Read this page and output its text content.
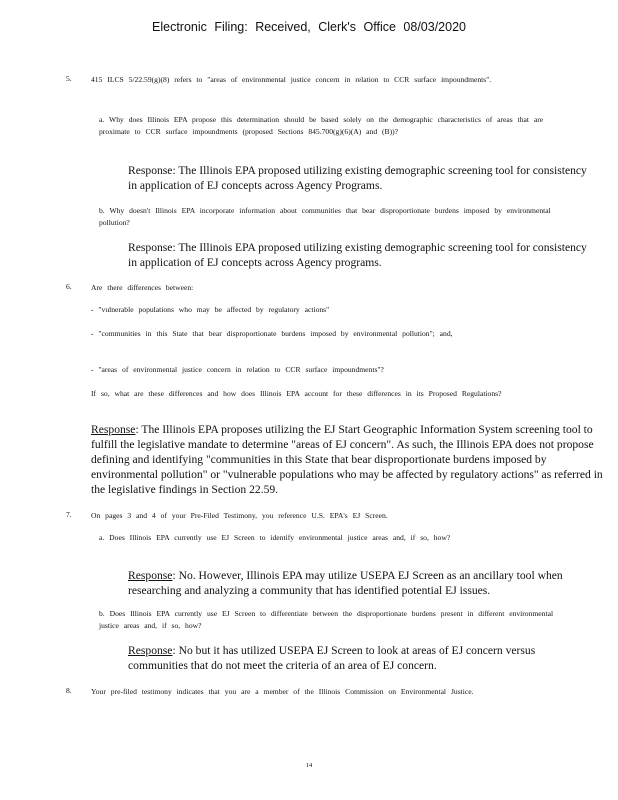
Electronic Filing: Received, Clerk's Office 08/03/2020
5.	415 ILCS 5/22.59(g)(8) refers to "areas of environmental justice concern in relation to CCR surface impoundments".
a. Why does Illinois EPA propose this determination should be based solely on the demographic characteristics of areas that are proximate to CCR surface impoundments (proposed Sections 845.700(g)(6)(A) and (B))?
Response: The Illinois EPA proposed utilizing existing demographic screening tool for consistency in application of EJ concepts across Agency Programs.
b. Why doesn't Illinois EPA incorporate information about communities that bear disproportionate burdens imposed by environmental pollution?
Response: The Illinois EPA proposed utilizing existing demographic screening tool for consistency in application of EJ concepts across Agency programs.
6.	Are there differences between:
- "vulnerable populations who may be affected by regulatory actions"
- "communities in this State that bear disproportionate burdens imposed by environmental pollution"; and,
- "areas of environmental justice concern in relation to CCR surface impoundments"?
If so, what are these differences and how does Illinois EPA account for these differences in its Proposed Regulations?
Response: The Illinois EPA proposes utilizing the EJ Start Geographic Information System screening tool to fulfill the legislative mandate to determine "areas of EJ concern". As such, the Illinois EPA does not propose defining and identifying "communities in this State that bear disproportionate burdens imposed by environmental pollution" or "vulnerable populations who may be affected by regulatory actions" as referred in the legislative findings in Section 22.59.
7.	On pages 3 and 4 of your Pre-Filed Testimony, you reference U.S. EPA's EJ Screen.
a. Does Illinois EPA currently use EJ Screen to identify environmental justice areas and, if so, how?
Response: No. However, Illinois EPA may utilize USEPA EJ Screen as an ancillary tool when researching and analyzing a community that has identified potential EJ issues.
b. Does Illinois EPA currently use EJ Screen to differentiate between the disproportionate burdens present in different environmental justice areas and, if so, how?
Response: No but it has utilized USEPA EJ Screen to look at areas of EJ concern versus communities that do not meet the criteria of an area of EJ concern.
8.	Your pre-filed testimony indicates that you are a member of the Illinois Commission on Environmental Justice.
14
